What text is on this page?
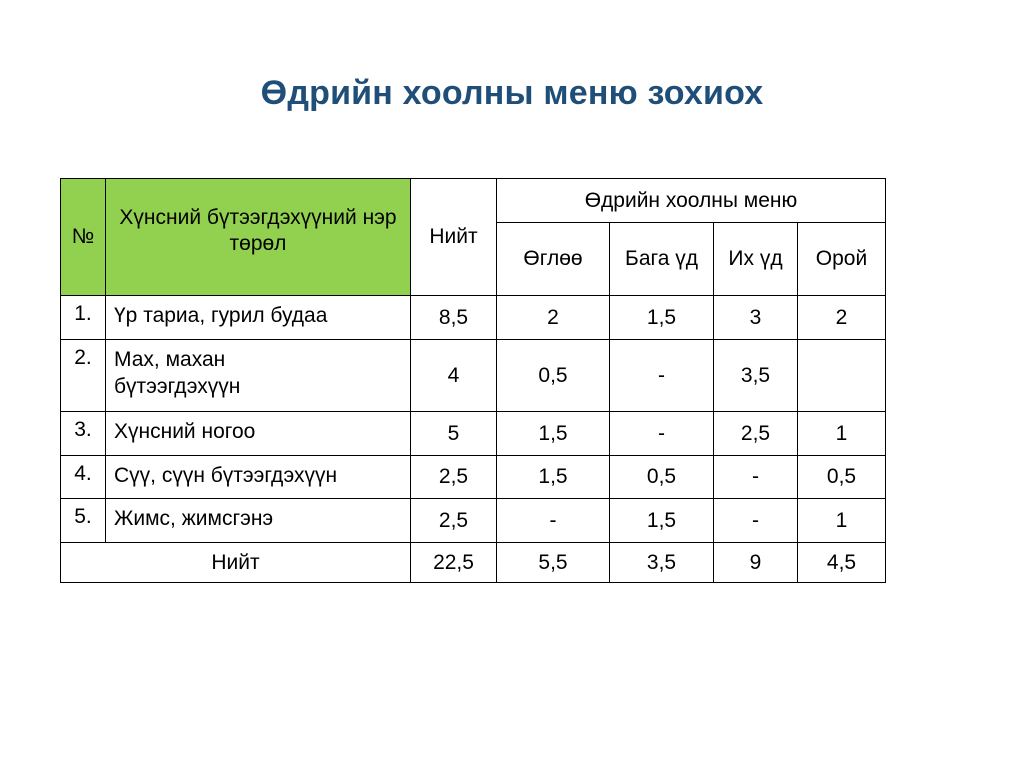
Өдрийн хоолны меню зохиох
№	Хүнсний бүтээгдэхүүний нэр төрөл	Нийт	Өдрийн хоолны меню			
			Өглөө	Бага үд	Их үд	Орой
1.	Үр тариа, гурил будаа	8,5	2	1,5	3	2
2.	Мах, махан бүтээгдэхүүн	4	0,5	-	3,5	
3.	Хүнсний ногоо	5	1,5	-	2,5	1
4.	Сүү, сүүн бүтээгдэхүүн	2,5	1,5	0,5	-	0,5
5.	Жимс, жимсгэнэ	2,5	-	1,5	-	1
Нийт		22,5	5,5	3,5	9	4,5
